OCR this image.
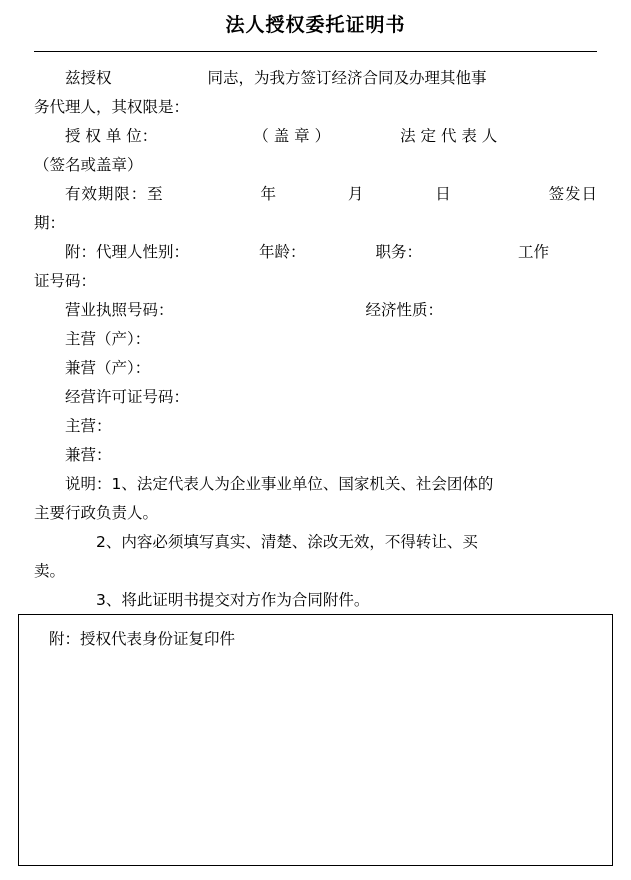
法人授权委托证明书
兹授权	同志，为我方签订经济合同及办理其他事
务代理人，其权限是：
授 权 单 位：	（ 盖 章 ）	法 定 代 表 人
（签名或盖章）
有效期限：至	年	月	日	签发日期：
附：代理人性别：	年龄：	职务：	工作
证号码：
营业执照号码：	经济性质：
主营（产）：
兼营（产）：
经营许可证号码：
主营：
兼营：
说明：1、法定代表人为企业事业单位、国家机关、社会团体的
主要行政负责人。
2、内容必须填写真实、清楚、涂改无效，不得转让、买
卖。
3、将此证明书提交对方作为合同附件。
附：授权代表身份证复印件
